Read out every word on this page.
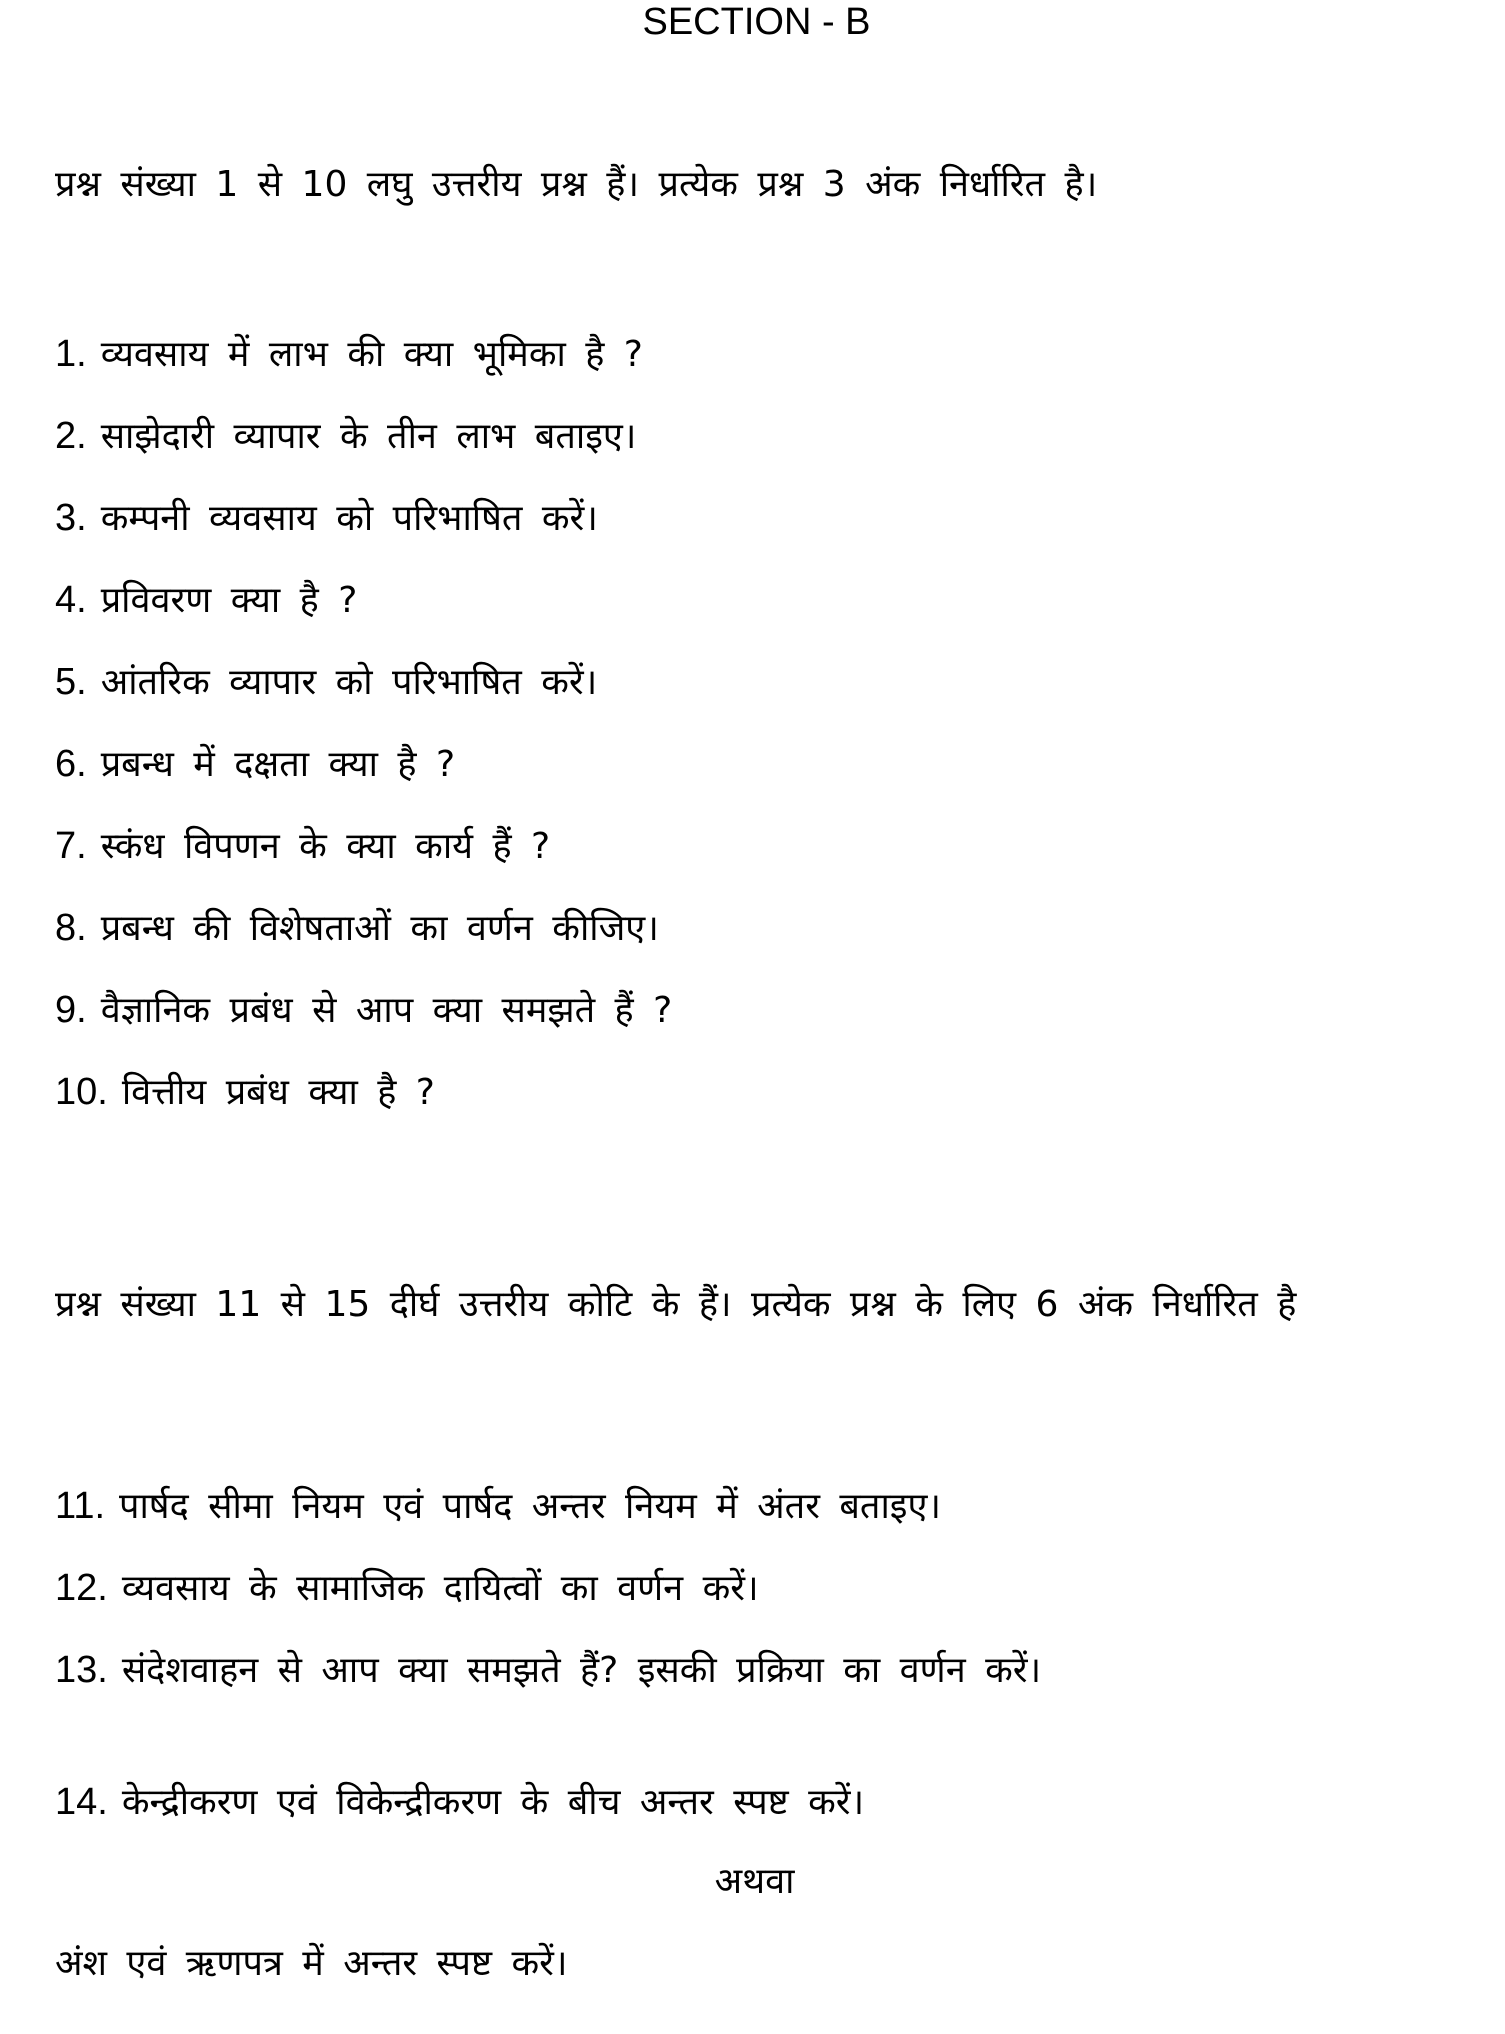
SECTION - B
प्रश्न संख्या 1 से 10 लघु उत्तरीय प्रश्न हैं। प्रत्येक प्रश्न 3 अंक निर्धारित है।
1. व्यवसाय में लाभ की क्या भूमिका है ?
2. साझेदारी व्यापार के तीन लाभ बताइए।
3. कम्पनी व्यवसाय को परिभाषित करें।
4. प्रविवरण क्या है ?
5. आंतरिक व्यापार को परिभाषित करें।
6. प्रबन्ध में दक्षता क्या है ?
7. स्कंध विपणन के क्या कार्य हैं ?
8. प्रबन्ध की विशेषताओं का वर्णन कीजिए।
9. वैज्ञानिक प्रबंध से आप क्या समझते हैं ?
10. वित्तीय प्रबंध क्या है ?
प्रश्न संख्या 11 से 15 दीर्घ उत्तरीय कोटि के हैं। प्रत्येक प्रश्न के लिए 6 अंक निर्धारित है
11. पार्षद सीमा नियम एवं पार्षद अन्तर नियम में अंतर बताइए।
12. व्यवसाय के सामाजिक दायित्वों का वर्णन करें।
13. संदेशवाहन से आप क्या समझते हैं? इसकी प्रक्रिया का वर्णन करें।
14. केन्द्रीकरण एवं विकेन्द्रीकरण के बीच अन्तर स्पष्ट करें।
अथवा
अंश एवं ऋणपत्र में अन्तर स्पष्ट करें।
